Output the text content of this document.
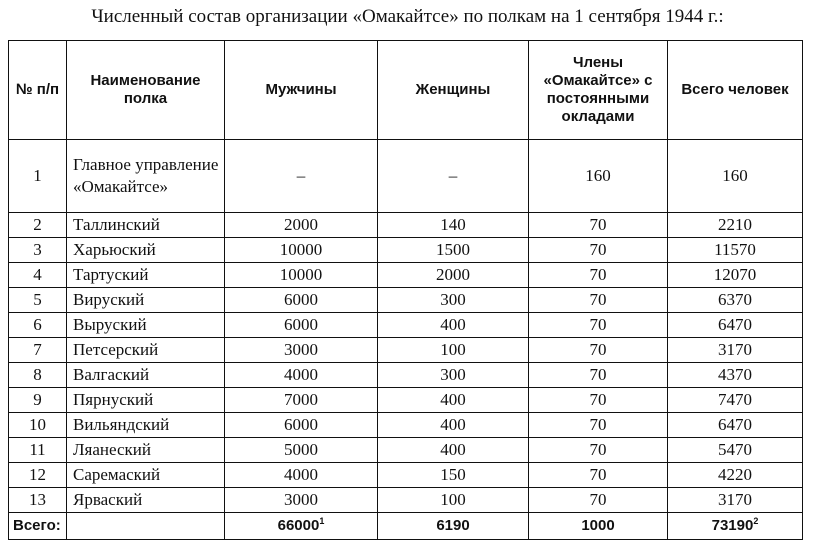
Численный состав организации «Омакайтсе» по полкам на 1 сентября 1944 г.:
№ п/п	Наименование полка	Мужчины	Женщины	Члены «Омакайтсе» с постоянными окладами	Всего человек
1	Главное управление «Омакайтсе»	–	–	160	160
2	Таллинский	2000	140	70	2210
3	Харьюский	10000	1500	70	11570
4	Тартуский	10000	2000	70	12070
5	Вируский	6000	300	70	6370
6	Выруский	6000	400	70	6470
7	Петсерский	3000	100	70	3170
8	Валгаский	4000	300	70	4370
9	Пярнуский	7000	400	70	7470
10	Вильяндский	6000	400	70	6470
11	Ляанеский	5000	400	70	5470
12	Саремаский	4000	150	70	4220
13	Ярваский	3000	100	70	3170
Всего:		66000$^1$	6190	1000	73190$^2$
